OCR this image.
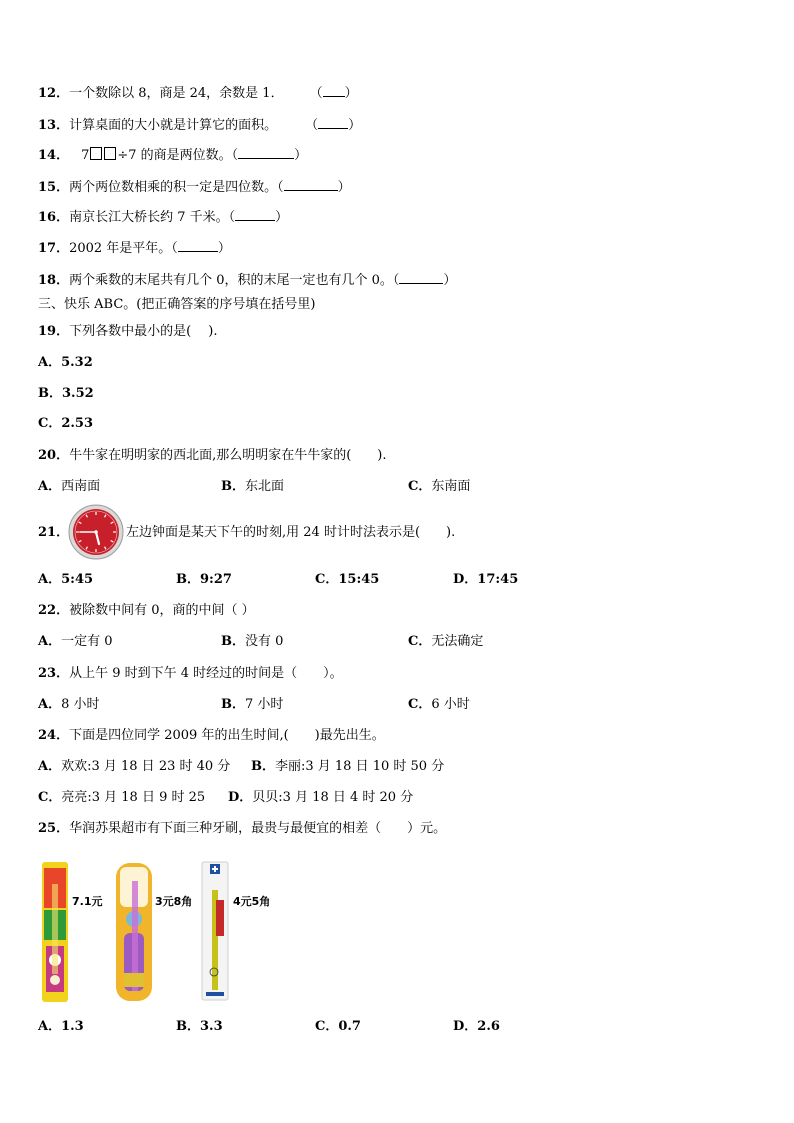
12．一个数除以 8，商是 24，余数是 1． （ ）
13．计算桌面的大小就是计算它的面积。 （ ）
14． 7 ÷7 的商是两位数。（	）
15．两个两位数相乘的积一定是四位数。（	）
16．南京长江大桥长约 7 千米。（	）
17．2002 年是平年。（	）
18．两个乘数的末尾共有几个 0，积的末尾一定也有几个 0。（	）
三、快乐 ABC。(把正确答案的序号填在括号里)
19．下列各数中最小的是(　 ).
A．5.32
B．3.52
C．2.53
20．牛牛家在明明家的西北面,那么明明家在牛牛家的(　　).
A．西南面	B．东北面	C．东南面
21．	左边钟面是某天下午的时刻,用 24 时计时法表示是(　　).
A．5:45	B．9:27	C．15:45	D．17:45
22．被除数中间有 0，商的中间（ ）
A．一定有 0	B．没有 0	C．无法确定
23．从上午 9 时到下午 4 时经过的时间是（　　）。
A．8 小时	B．7 小时	C．6 小时
24．下面是四位同学 2009 年的出生时间,(　　)最先出生。
A．欢欢:3 月 18 日 23 时 40 分 B．李丽:3 月 18 日 10 时 50 分
C．亮亮:3 月 18 日 9 时 25 D．贝贝:3 月 18 日 4 时 20 分
25．华润苏果超市有下面三种牙刷，最贵与最便宜的相差（　　）元。
7.1元	3元8角	4元5角
A．1.3	B．3.3	C．0.7	D．2.6
